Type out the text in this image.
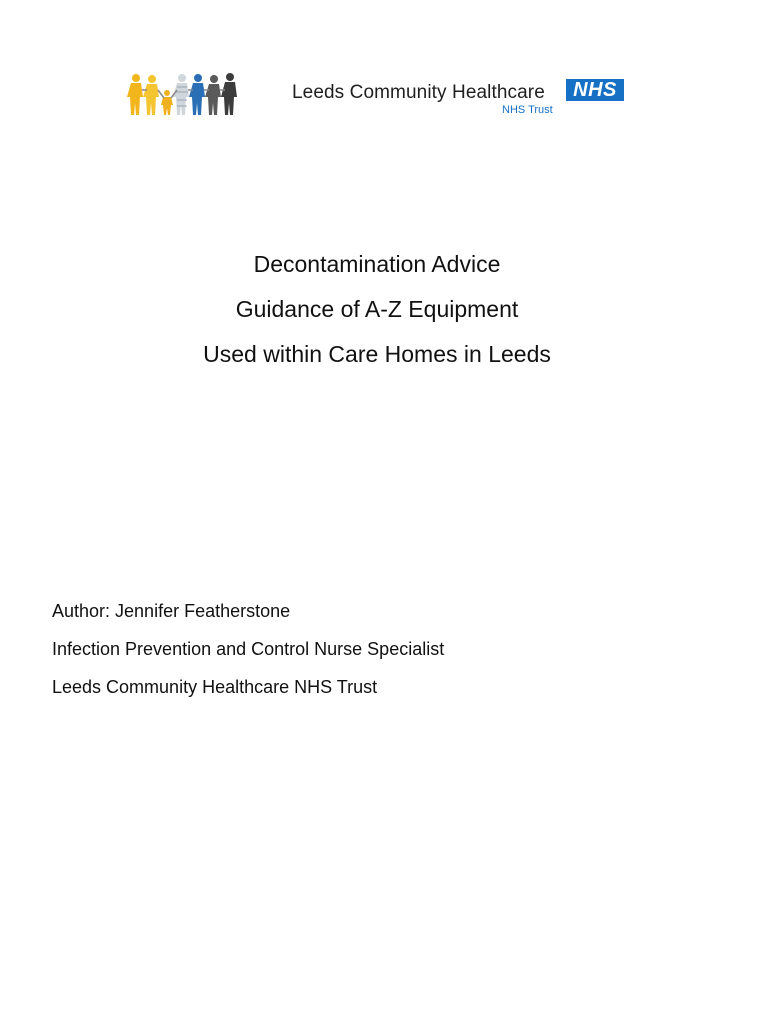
Leeds Community Healthcare	NHS
NHS Trust
Decontamination Advice
Guidance of A-Z Equipment
Used within Care Homes in Leeds
Author: Jennifer Featherstone
Infection Prevention and Control Nurse Specialist
Leeds Community Healthcare NHS Trust
